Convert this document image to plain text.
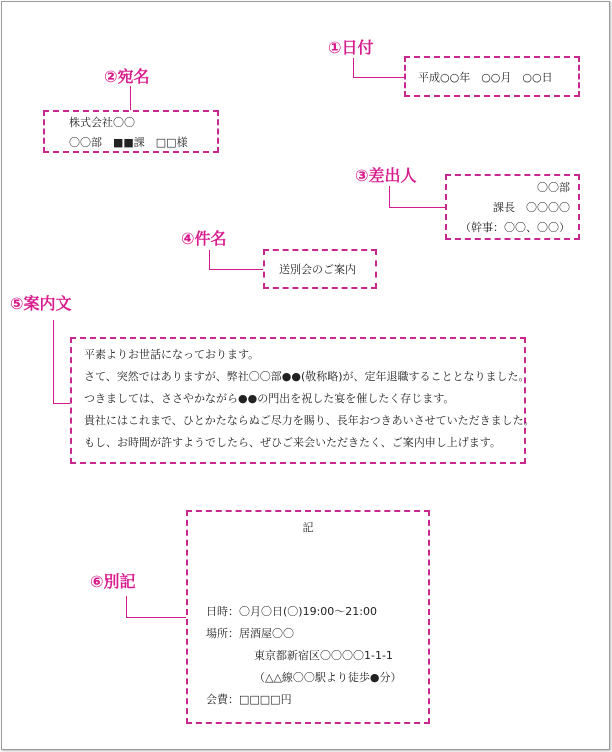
①日付
平成○○年　○○月　○○日
②宛名
株式会社〇〇
〇〇部　■■課　□□様
③差出人
〇〇部
課長　〇〇〇〇
（幹事：〇〇、〇〇）
④件名
送別会のご案内
⑤案内文
平素よりお世話になっております。
さて、突然ではありますが、弊社〇〇部●●(敬称略)が、定年退職することとなりました。
つきましては、ささやかながら●●の門出を祝した宴を催したく存じます。
貴社にはこれまで、ひとかたならぬご尽力を賜り、長年おつきあいさせていただきました。
もし、お時間が許すようでしたら、ぜひご来会いただきたく、ご案内申し上げます。
⑥別記
記
日時：〇月〇日(〇)19:00～21:00
場所：居酒屋〇〇
東京都新宿区〇〇〇〇1-1-1
（△△線〇〇駅より徒歩●分）
会費：□□□□円
